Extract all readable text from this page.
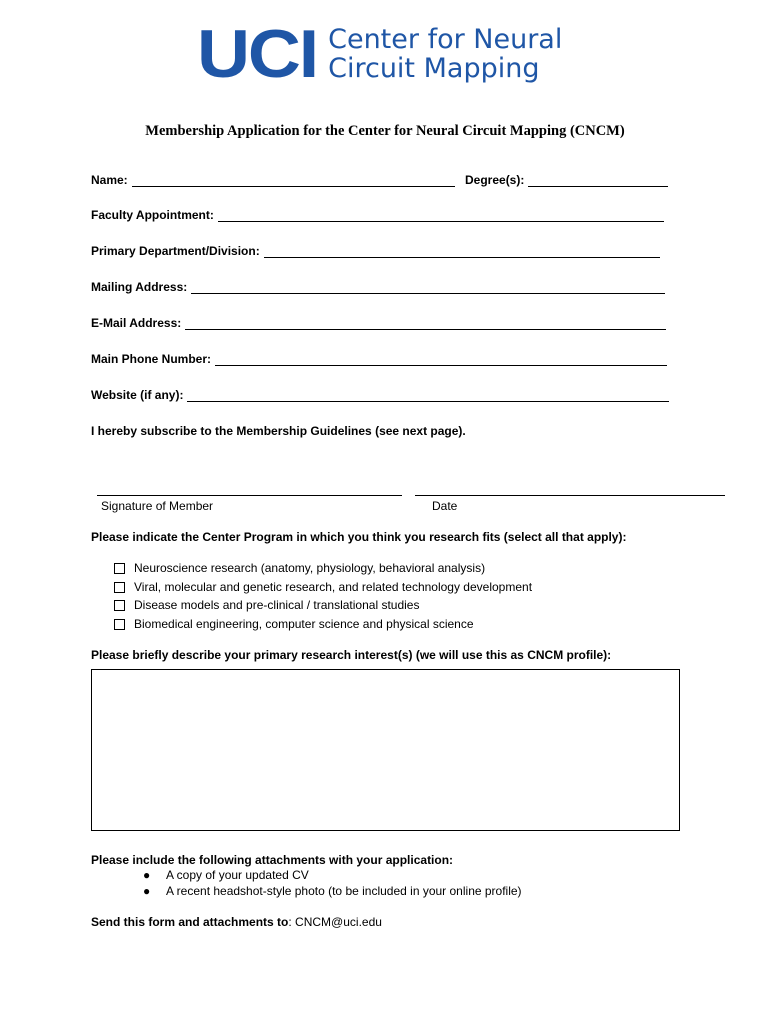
UCI Center for Neural
Circuit Mapping
Membership Application for the Center for Neural Circuit Mapping (CNCM)
Name:	Degree(s):
Faculty Appointment:
Primary Department/Division:
Mailing Address:
E-Mail Address:
Main Phone Number:
Website (if any):
I hereby subscribe to the Membership Guidelines (see next page).
Signature of Member	Date
Please indicate the Center Program in which you think you research fits (select all that apply):
Neuroscience research (anatomy, physiology, behavioral analysis)
Viral, molecular and genetic research, and related technology development
Disease models and pre-clinical / translational studies
Biomedical engineering, computer science and physical science
Please briefly describe your primary research interest(s) (we will use this as CNCM profile):
Please include the following attachments with your application:
●	A copy of your updated CV
●	A recent headshot-style photo (to be included in your online profile)
Send this form and attachments to: CNCM@uci.edu
